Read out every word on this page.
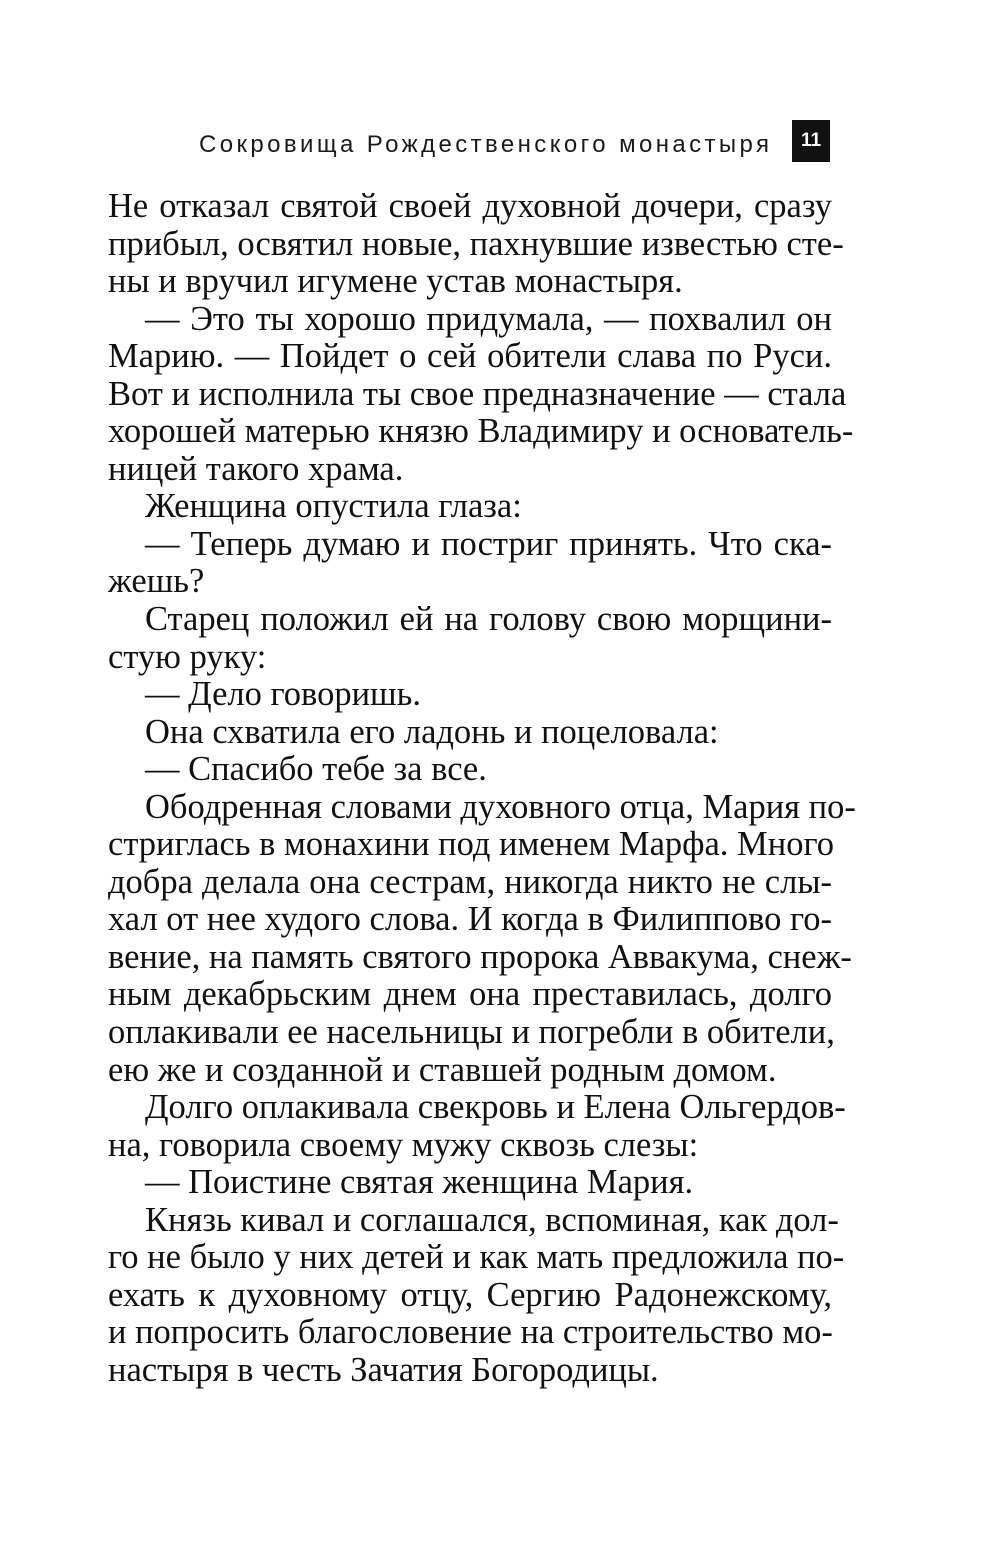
Сокровища Рождественского монастыря	11
Не отказал святой своей духовной дочери, сразу
прибыл, освятил новые, пахнувшие известью сте-
ны и вручил игумене устав монастыря.
— Это ты хорошо придумала, — похвалил он
Марию. — Пойдет о сей обители слава по Руси.
Вот и исполнила ты свое предназначение — стала
хорошей матерью князю Владимиру и основатель-
ницей такого храма.
Женщина опустила глаза:
— Теперь думаю и постриг принять. Что ска-
жешь?
Старец положил ей на голову свою морщини-
стую руку:
— Дело говоришь.
Она схватила его ладонь и поцеловала:
— Спасибо тебе за все.
Ободренная словами духовного отца, Мария по-
стриглась в монахини под именем Марфа. Много
добра делала она сестрам, никогда никто не слы-
хал от нее худого слова. И когда в Филиппово го-
вение, на память святого пророка Аввакума, снеж-
ным декабрьским днем она преставилась, долго
оплакивали ее насельницы и погребли в обители,
ею же и созданной и ставшей родным домом.
Долго оплакивала свекровь и Елена Ольгердов-
на, говорила своему мужу сквозь слезы:
— Поистине святая женщина Мария.
Князь кивал и соглашался, вспоминая, как дол-
го не было у них детей и как мать предложила по-
ехать к духовному отцу, Сергию Радонежскому,
и попросить благословение на строительство мо-
настыря в честь Зачатия Богородицы.
